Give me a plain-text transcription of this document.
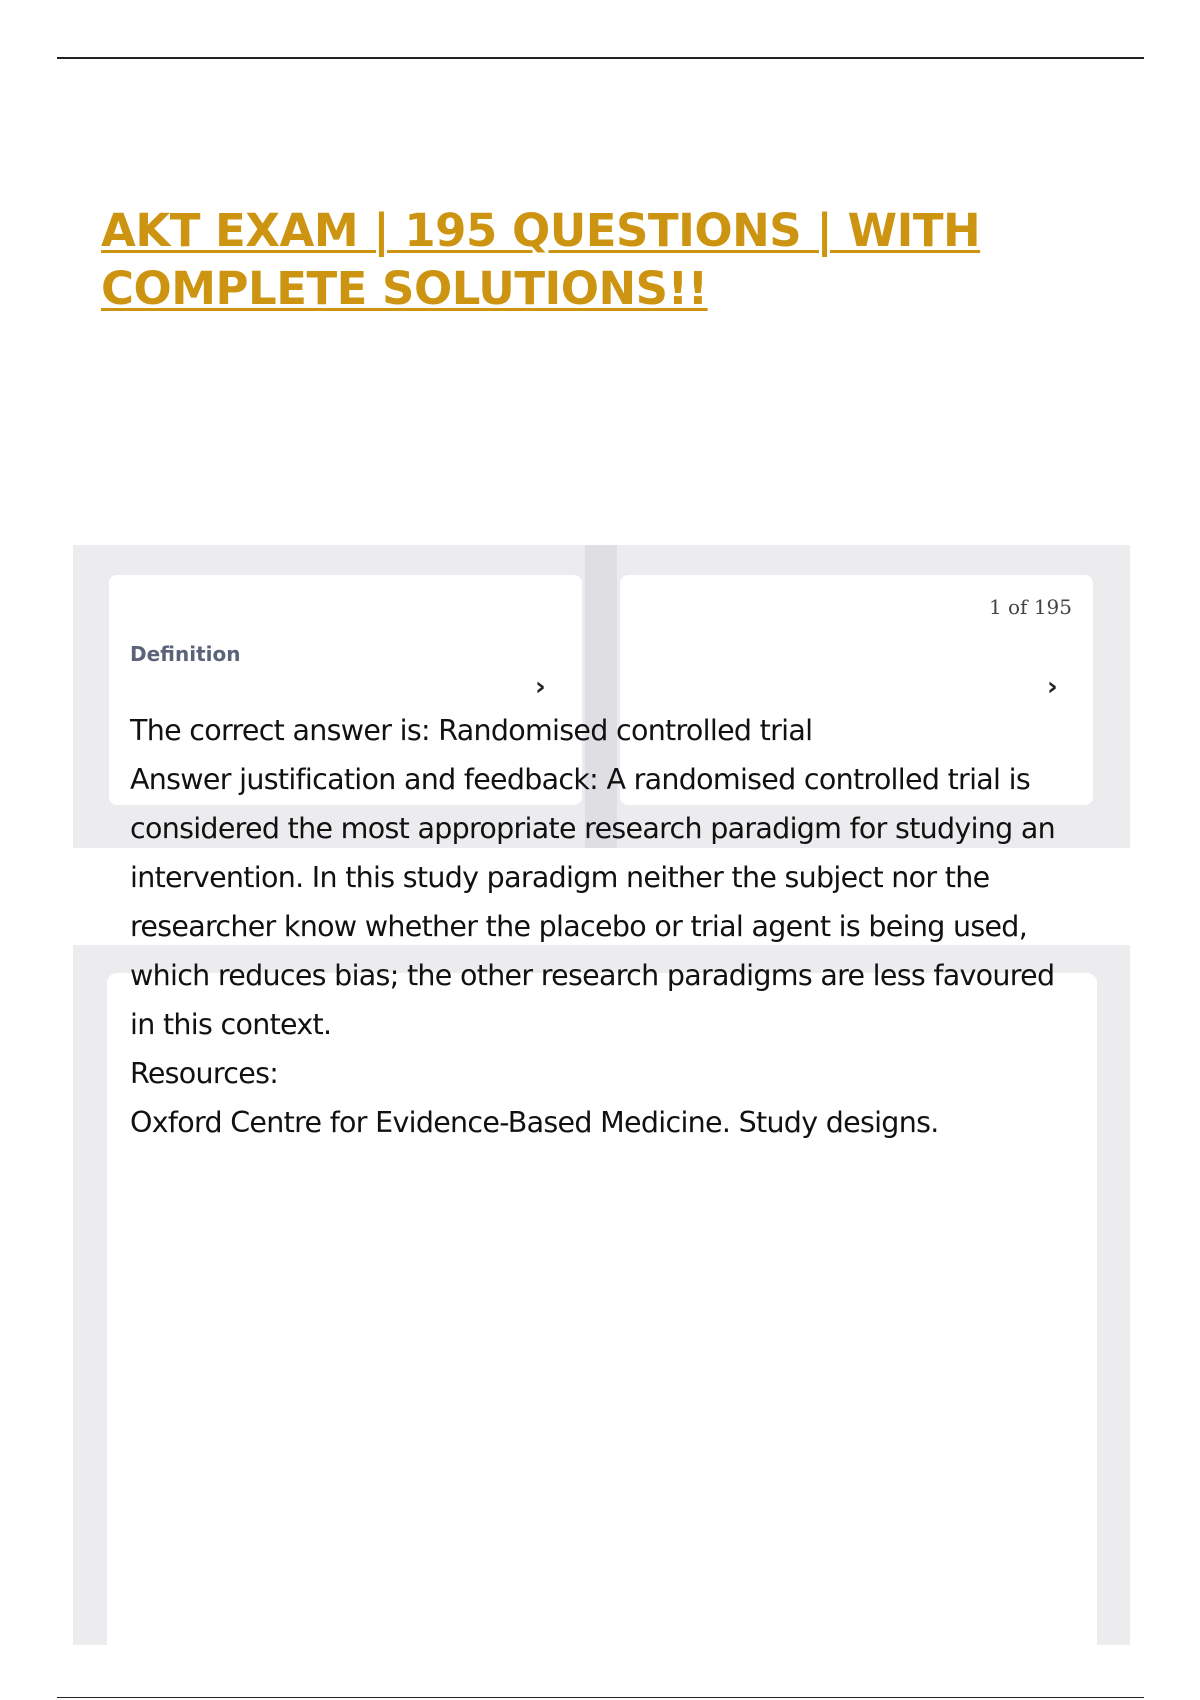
AKT EXAM | 195 QUESTIONS | WITH COMPLETE SOLUTIONS!!
1 of 195
Definition
›	›

The correct answer is: Randomised controlled trial

Answer justification and feedback: A randomised controlled trial is

considered the most appropriate research paradigm for studying an

intervention. In this study paradigm neither the subject nor the

researcher know whether the placebo or trial agent is being used,

which reduces bias; the other research paradigms are less favoured

in this context.

Resources:

Oxford Centre for Evidence-Based Medicine. Study designs.
